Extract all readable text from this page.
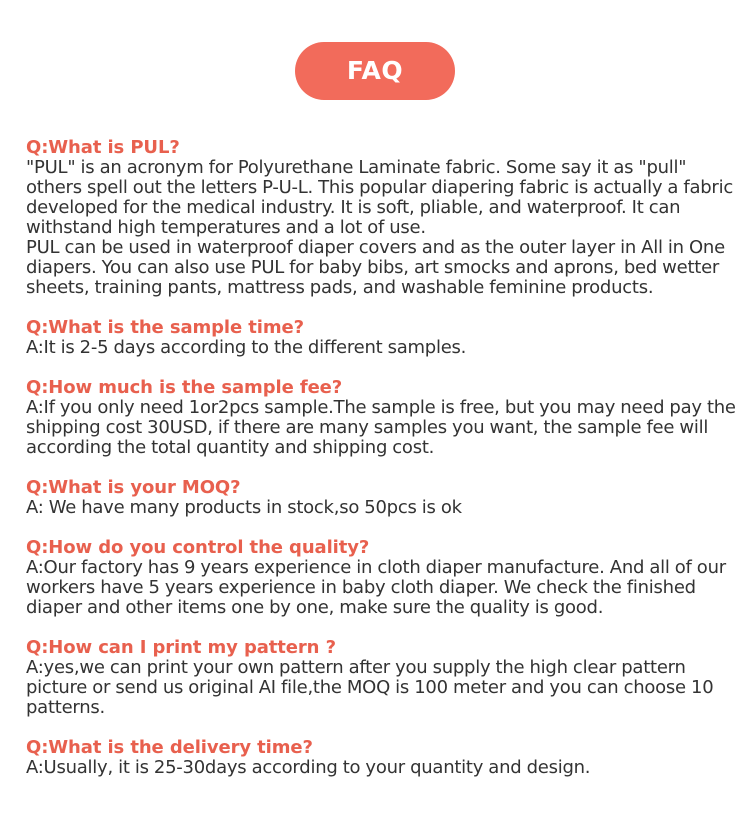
FAQ
Q:What is PUL?
"PUL" is an acronym for Polyurethane Laminate fabric. Some say it as "pull" others spell out the letters P-U-L. This popular diapering fabric is actually a fabric developed for the medical industry. It is soft, pliable, and waterproof. It can withstand high temperatures and a lot of use.
PUL can be used in waterproof diaper covers and as the outer layer in All in One diapers. You can also use PUL for baby bibs, art smocks and aprons, bed wetter sheets, training pants, mattress pads, and washable feminine products.
Q:What is the sample time?
A:It is 2-5 days according to the different samples.
Q:How much is the sample fee?
A:If you only need 1or2pcs sample.The sample is free, but you may need pay the shipping cost 30USD, if there are many samples you want, the sample fee will according the total quantity and shipping cost.
Q:What is your MOQ?
A: We have many products in stock,so 50pcs is ok
Q:How do you control the quality?
A:Our factory has 9 years experience in cloth diaper manufacture. And all of our workers have 5 years experience in baby cloth diaper. We check the finished diaper and other items one by one, make sure the quality is good.
Q:How can I print my pattern ?
A:yes,we can print your own pattern after you supply the high clear pattern picture or send us original AI file,the MOQ is 100 meter and you can choose 10 patterns.
Q:What is the delivery time?
A:Usually, it is 25-30days according to your quantity and design.
